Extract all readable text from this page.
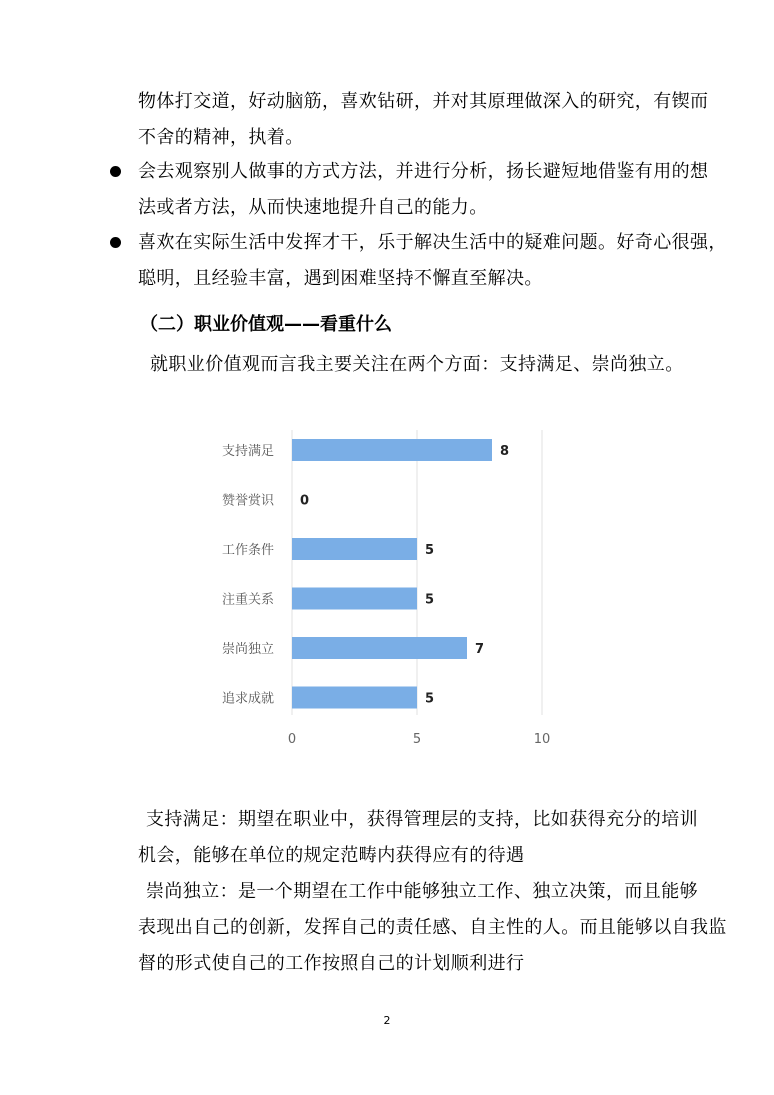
物体打交道，好动脑筋，喜欢钻研，并对其原理做深入的研究，有锲而
不舍的精神，执着。
会去观察别人做事的方式方法，并进行分析，扬长避短地借鉴有用的想
法或者方法，从而快速地提升自己的能力。
喜欢在实际生活中发挥才干，乐于解决生活中的疑难问题。好奇心很强，
聪明，且经验丰富，遇到困难坚持不懈直至解决。
（二）职业价值观——看重什么
就职业价值观而言我主要关注在两个方面：支持满足、崇尚独立。
支持满足
赞誉赏识
工作条件
注重关系
崇尚独立
追求成就
8
0
5
5
7
5
0	5	10
支持满足：期望在职业中，获得管理层的支持，比如获得充分的培训
机会，能够在单位的规定范畴内获得应有的待遇
崇尚独立：是一个期望在工作中能够独立工作、独立决策，而且能够
表现出自己的创新，发挥自己的责任感、自主性的人。而且能够以自我监
督的形式使自己的工作按照自己的计划顺利进行
2
